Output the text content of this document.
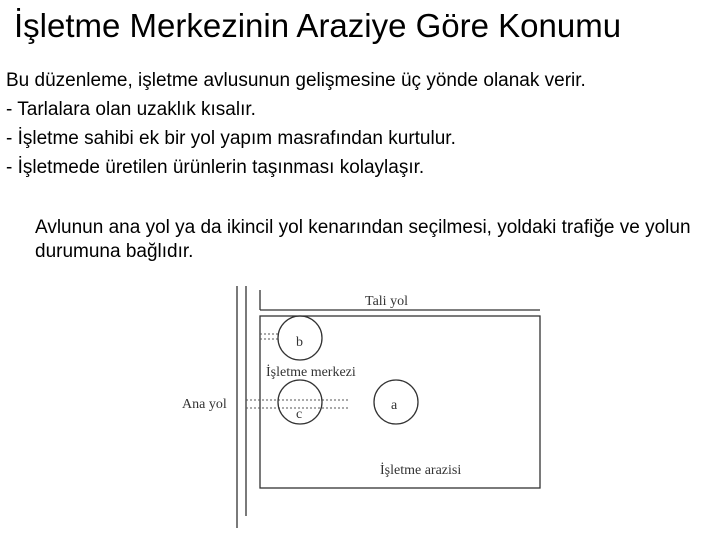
İşletme Merkezinin Araziye Göre Konumu
Bu düzenleme, işletme avlusunun gelişmesine üç yönde olanak verir.
- Tarlalara olan uzaklık kısalır.
- İşletme sahibi ek bir yol yapım masrafından kurtulur.
- İşletmede üretilen ürünlerin taşınması kolaylaşır.
Avlunun ana yol ya da ikincil yol kenarından seçilmesi, yoldaki trafiğe ve yolun durumuna bağlıdır.
Tali yol
Ana yol
İşletme merkezi
İşletme arazisi
b
c
a
